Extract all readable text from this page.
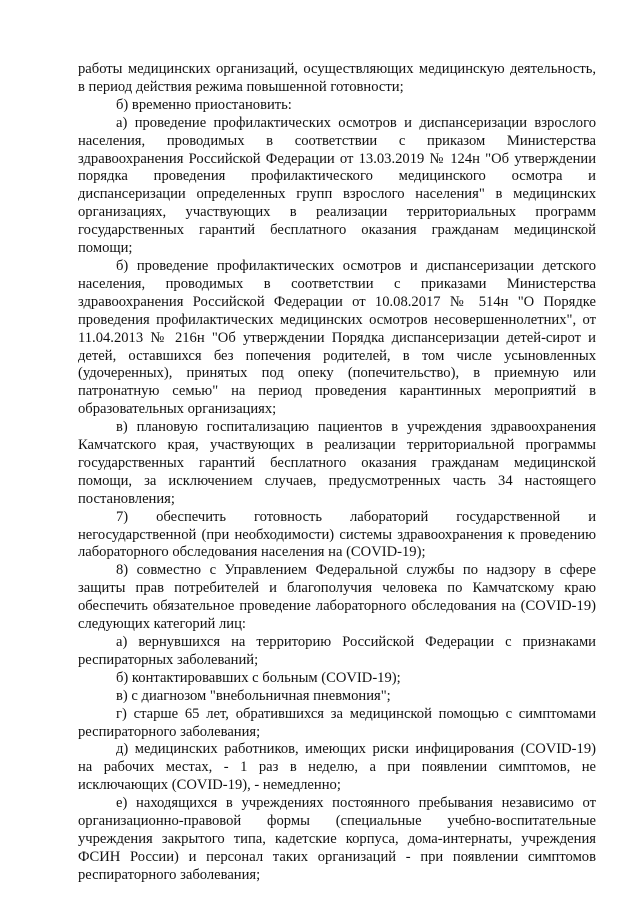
работы медицинских организаций, осуществляющих медицинскую деятельность, в период действия режима повышенной готовности;

б) временно приостановить:

а) проведение профилактических осмотров и диспансеризации взрослого населения, проводимых в соответствии с приказом Министерства здравоохранения Российской Федерации от 13.03.2019 № 124н "Об утверждении порядка проведения профилактического медицинского осмотра и диспансеризации определенных групп взрослого населения" в медицинских организациях, участвующих в реализации территориальных программ государственных гарантий бесплатного оказания гражданам медицинской помощи;

б) проведение профилактических осмотров и диспансеризации детского населения, проводимых в соответствии с приказами Министерства здравоохранения Российской Федерации от 10.08.2017 № 514н "О Порядке проведения профилактических медицинских осмотров несовершеннолетних", от 11.04.2013 № 216н "Об утверждении Порядка диспансеризации детей-сирот и детей, оставшихся без попечения родителей, в том числе усыновленных (удочеренных), принятых под опеку (попечительство), в приемную или патронатную семью" на период проведения карантинных мероприятий в образовательных организациях;

в) плановую госпитализацию пациентов в учреждения здравоохранения Камчатского края, участвующих в реализации территориальной программы государственных гарантий бесплатного оказания гражданам медицинской помощи, за исключением случаев, предусмотренных часть 34 настоящего постановления;

7) обеспечить готовность лабораторий государственной и негосударственной (при необходимости) системы здравоохранения к проведению лабораторного обследования населения на (COVID-19);

8) совместно с Управлением Федеральной службы по надзору в сфере защиты прав потребителей и благополучия человека по Камчатскому краю обеспечить обязательное проведение лабораторного обследования на (COVID-19) следующих категорий лиц:

а) вернувшихся на территорию Российской Федерации с признаками респираторных заболеваний;

б) контактировавших с больным (COVID-19);

в) с диагнозом "внебольничная пневмония";

г) старше 65 лет, обратившихся за медицинской помощью с симптомами респираторного заболевания;

д) медицинских работников, имеющих риски инфицирования (COVID-19) на рабочих местах, - 1 раз в неделю, а при появлении симптомов, не исключающих (COVID-19), - немедленно;

е) находящихся в учреждениях постоянного пребывания независимо от организационно-правовой формы (специальные учебно-воспитательные учреждения закрытого типа, кадетские корпуса, дома-интернаты, учреждения ФСИН России) и персонал таких организаций - при появлении симптомов респираторного заболевания;
